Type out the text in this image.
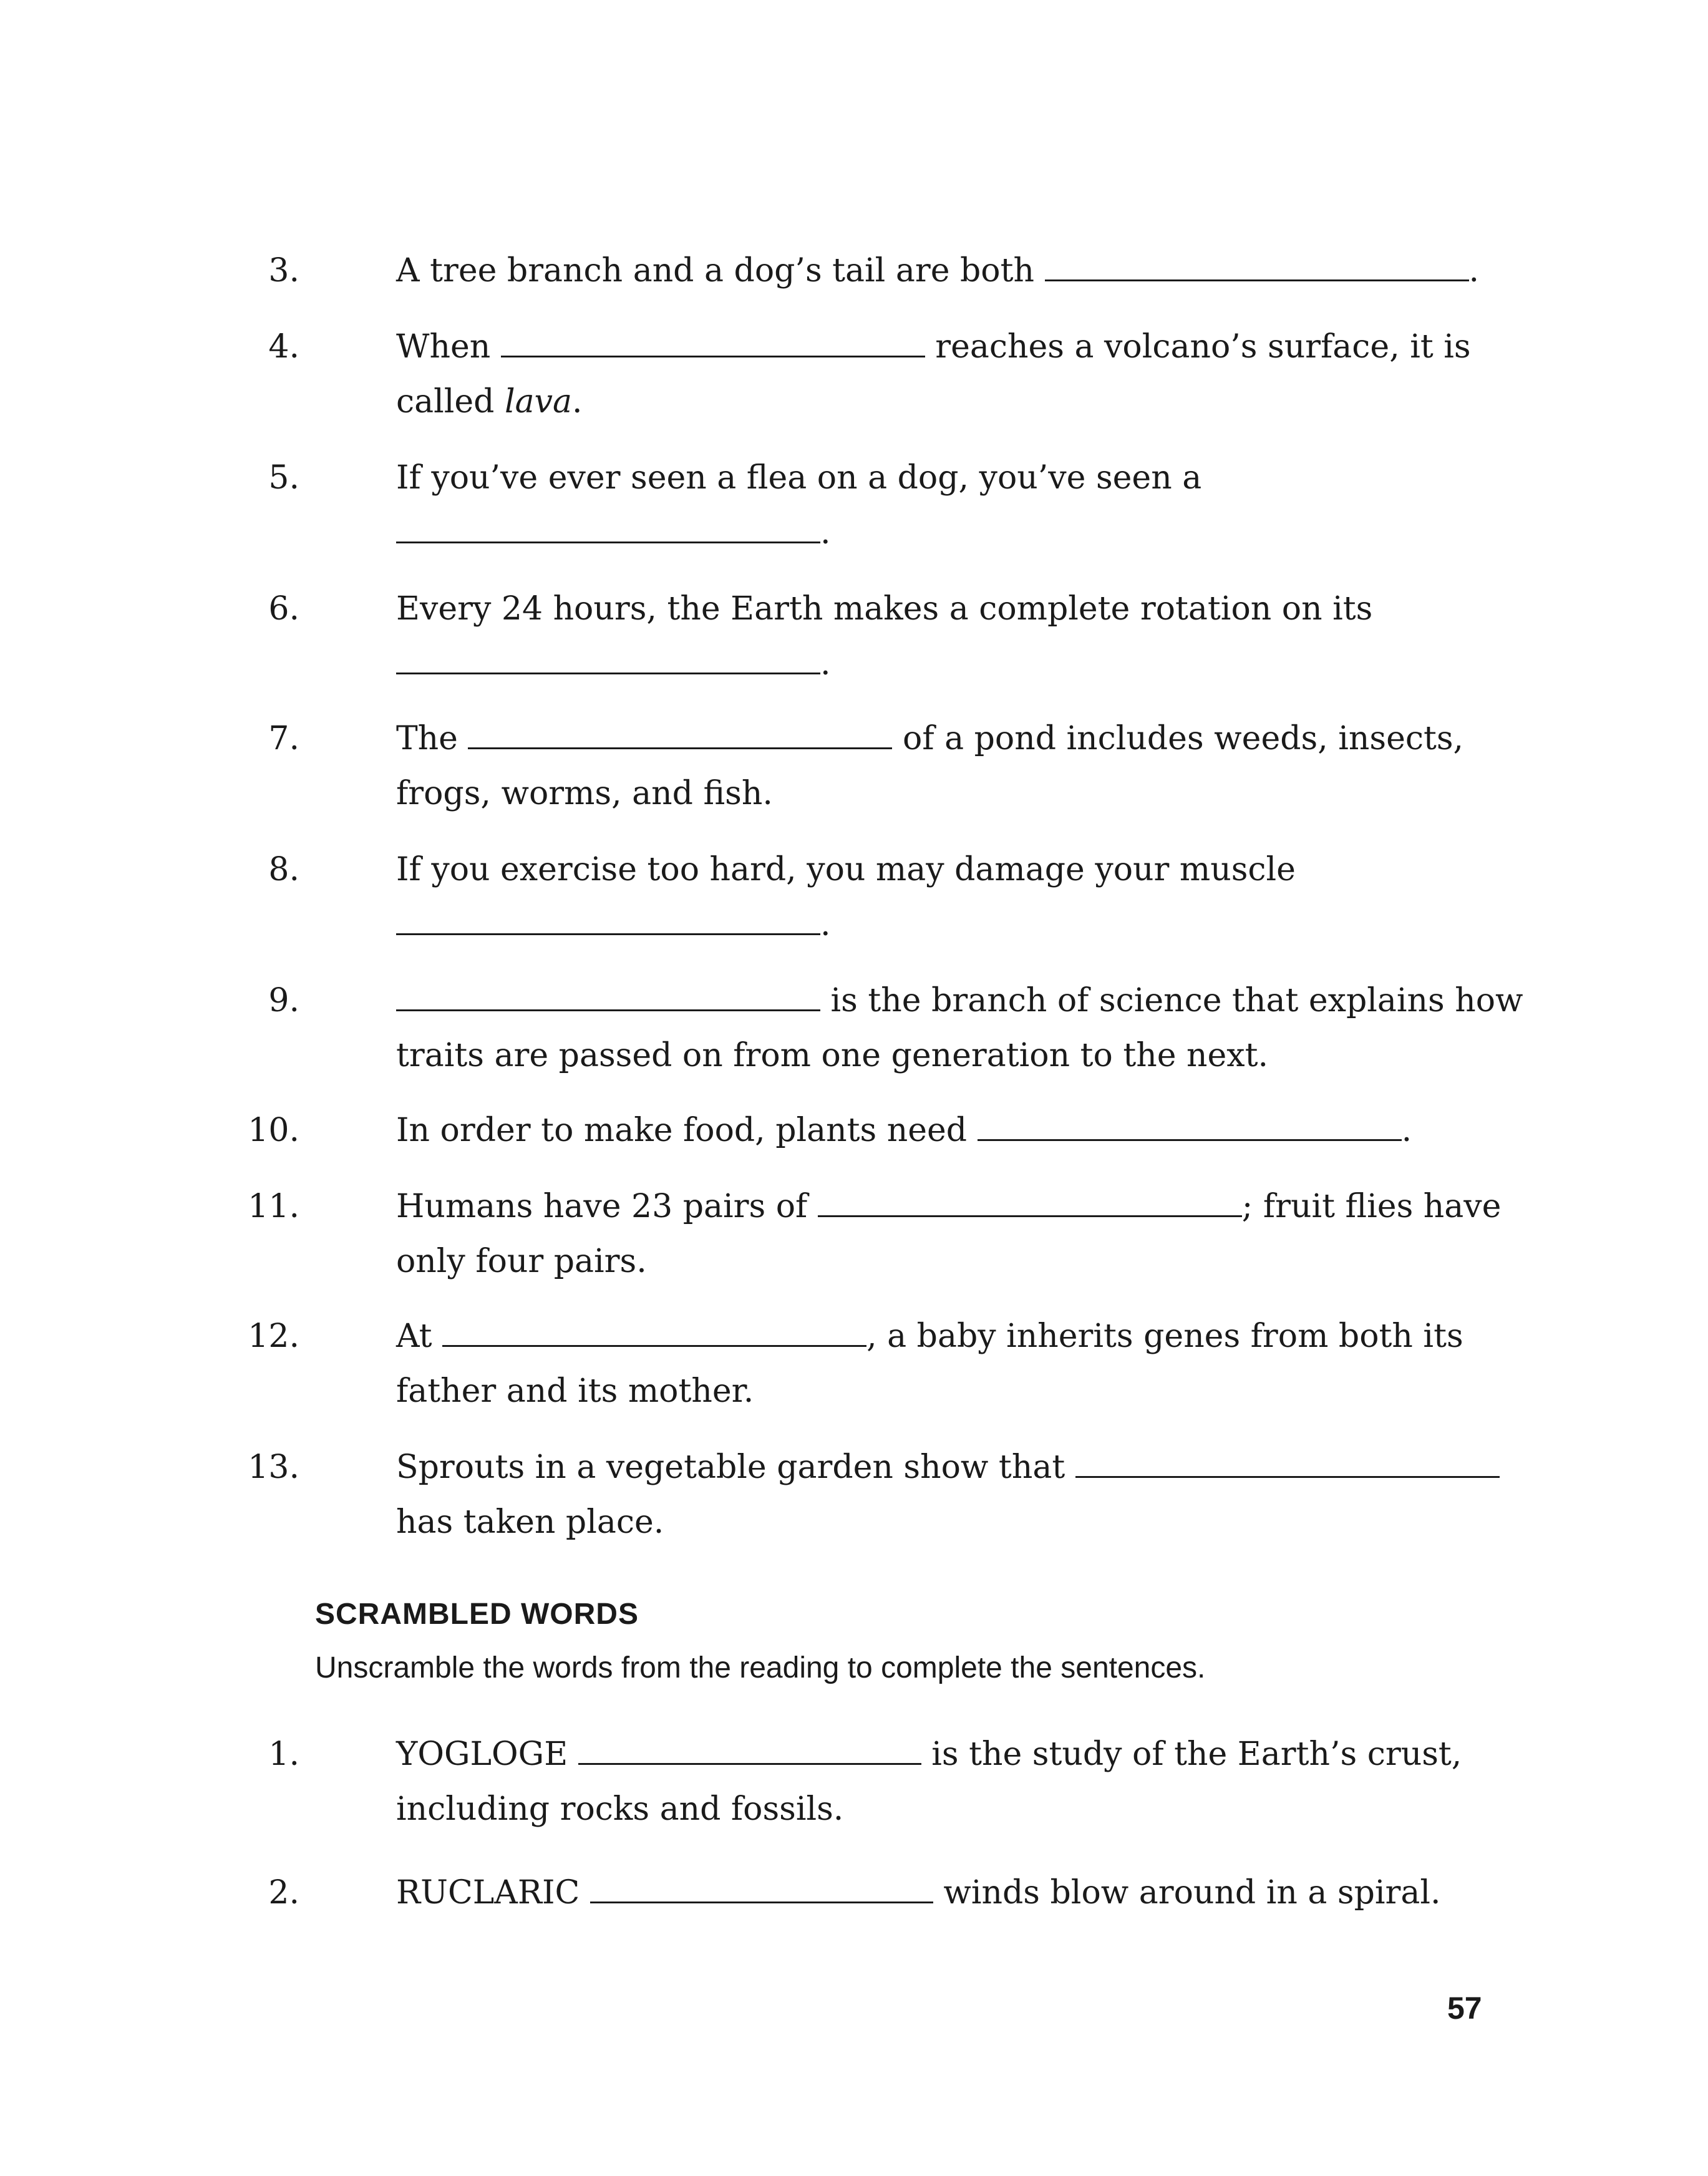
3.	A tree branch and a dog’s tail are both	.
4.	When	reaches a volcano’s surface, it is called lava.
5.	If you’ve ever seen a flea on a dog, you’ve seen a
.
6.	Every 24 hours, the Earth makes a complete rotation on its
.
7.	The	of a pond includes weeds, insects, frogs, worms, and fish.
8.	If you exercise too hard, you may damage your muscle
.
9.	is the branch of science that explains how traits are passed on from one generation to the next.
10.	In order to make food, plants need	.
11.	Humans have 23 pairs of	; fruit flies have only four pairs.
12.	At	, a baby inherits genes from both its father and its mother.
13.	Sprouts in a vegetable garden show that  has taken place.
SCRAMBLED WORDS
Unscramble the words from the reading to complete the sentences.
1.	YOGLOGE	is the study of the Earth’s crust, including rocks and fossils.
2.	RUCLARIC	winds blow around in a spiral.
57
